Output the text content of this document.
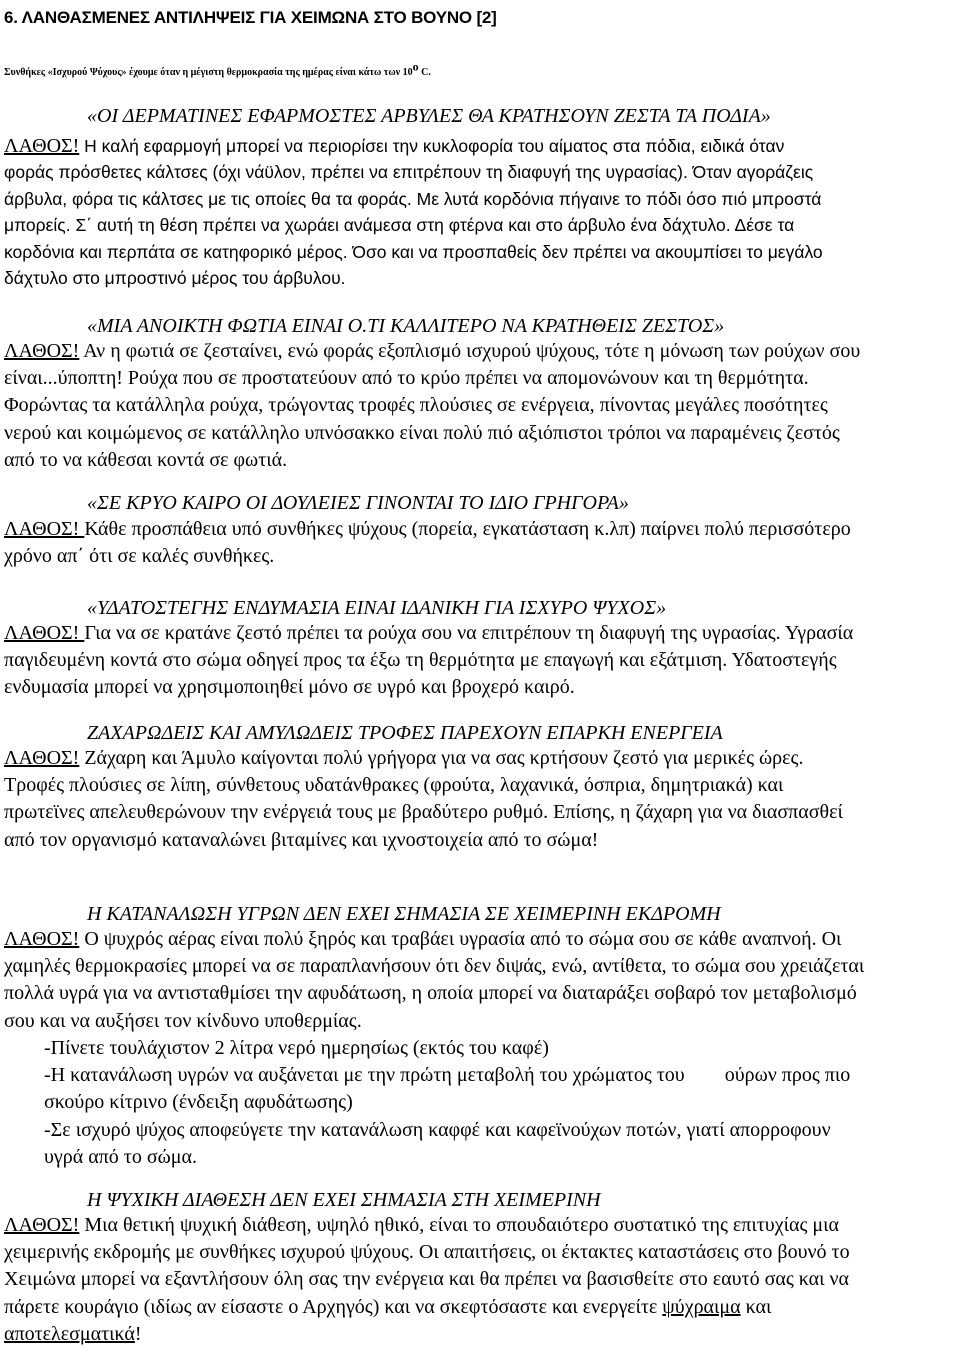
6. ΛΑΝΘΑΣΜΕΝΕΣ ΑΝΤΙΛΗΨΕΙΣ ΓΙΑ ΧΕΙΜΩΝΑ ΣΤΟ ΒΟΥΝΟ [2]
Συνθήκες «Ισχυρού Ψύχους» έχουμε όταν η μέγιστη θερμοκρασία της ημέρας είναι κάτω των $10^o$ C.
«ΟΙ ΔΕΡΜΑΤΙΝΕΣ ΕΦΑΡΜΟΣΤΕΣ ΑΡΒΥΛΕΣ ΘΑ ΚΡΑΤΗΣΟΥΝ ΖΕΣΤΑ ΤΑ ΠΟΔΙΑ»
ΛΑΘΟΣ! Η καλή εφαρμογή μπορεί να περιορίσει την κυκλοφορία του αίματος στα πόδια, ειδικά όταν
φοράς πρόσθετες κάλτσες (όχι νάϋλον, πρέπει να επιτρέπουν τη διαφυγή της υγρασίας). Όταν αγοράζεις
άρβυλα, φόρα τις κάλτσες με τις οποίες θα τα φοράς. Με λυτά κορδόνια πήγαινε το πόδι όσο πιό μπροστά
μπορείς. Σ΄ αυτή τη θέση πρέπει να χωράει ανάμεσα στη φτέρνα και στο άρβυλο ένα δάχτυλο. Δέσε τα
κορδόνια και περπάτα σε κατηφορικό μέρος. Όσο και να προσπαθείς δεν πρέπει να ακουμπίσει το μεγάλο
δάχτυλο στο μπροστινό μέρος του άρβυλου.
«ΜΙΑ ΑΝΟΙΚΤΗ ΦΩΤΙΑ ΕΙΝΑΙ Ο.ΤΙ ΚΑΛΛΙΤΕΡΟ ΝΑ ΚΡΑΤΗΘΕΙΣ ΖΕΣΤΟΣ»
ΛΑΘΟΣ! Αν η φωτιά σε ζεσταίνει, ενώ φοράς εξοπλισμό ισχυρού ψύχους, τότε η μόνωση των ρούχων σου
είναι...ύποπτη! Ρούχα που σε προστατεύουν από το κρύο πρέπει να απομονώνουν και τη θερμότητα.
Φορώντας τα κατάλληλα ρούχα, τρώγοντας τροφές πλούσιες σε ενέργεια, πίνοντας μεγάλες ποσότητες
νερού και κοιμώμενος σε κατάλληλο υπνόσακκο είναι πολύ πιό αξιόπιστοι τρόποι να παραμένεις ζεστός
από το να κάθεσαι κοντά σε φωτιά.
«ΣΕ ΚΡΥΟ ΚΑΙΡΟ ΟΙ ΔΟΥΛΕΙΕΣ ΓΙΝΟΝΤΑΙ ΤΟ ΙΔΙΟ ΓΡΗΓΟΡΑ»
ΛΑΘΟΣ! Κάθε προσπάθεια υπό συνθήκες ψύχους (πορεία, εγκατάσταση κ.λπ) παίρνει πολύ περισσότερο
χρόνο απ΄ ότι σε καλές συνθήκες.
«ΥΔΑΤΟΣΤΕΓΗΣ ΕΝΔΥΜΑΣΙΑ ΕΙΝΑΙ ΙΔΑΝΙΚΗ ΓΙΑ ΙΣΧΥΡΟ ΨΥΧΟΣ»
ΛΑΘΟΣ! Για να σε κρατάνε ζεστό πρέπει τα ρούχα σου να επιτρέπουν τη διαφυγή της υγρασίας. Υγρασία
παγιδευμένη κοντά στο σώμα οδηγεί προς τα έξω τη θερμότητα με επαγωγή και εξάτμιση. Υδατοστεγής
ενδυμασία μπορεί να χρησιμοποιηθεί μόνο σε υγρό και βροχερό καιρό.
ΖΑΧΑΡΩΔΕΙΣ ΚΑΙ ΑΜΥΛΩΔΕΙΣ ΤΡΟΦΕΣ ΠΑΡΕΧΟΥΝ ΕΠΑΡΚΗ ΕΝΕΡΓΕΙΑ
ΛΑΘΟΣ! Ζάχαρη και Άμυλο καίγονται πολύ γρήγορα για να σας κρτήσουν ζεστό για μερικές ώρες.
Τροφές πλούσιες σε λίπη, σύνθετους υδατάνθρακες (φρούτα, λαχανικά, όσπρια, δημητριακά) και
πρωτεϊνες απελευθερώνουν την ενέργειά τους με βραδύτερο ρυθμό. Επίσης, η ζάχαρη για να διασπασθεί
από τον οργανισμό καταναλώνει βιταμίνες και ιχνοστοιχεία από το σώμα!
Η ΚΑΤΑΝΑΛΩΣΗ ΥΓΡΩΝ ΔΕΝ ΕΧΕΙ ΣΗΜΑΣΙΑ ΣΕ ΧΕΙΜΕΡΙΝΗ ΕΚΔΡΟΜΗ
ΛΑΘΟΣ! Ο ψυχρός αέρας είναι πολύ ξηρός και τραβάει υγρασία από το σώμα σου σε κάθε αναπνοή. Οι
χαμηλές θερμοκρασίες μπορεί να σε παραπλανήσουν ότι δεν διψάς, ενώ, αντίθετα, το σώμα σου χρειάζεται
πολλά υγρά για να αντισταθμίσει την αφυδάτωση, η οποία μπορεί να διαταράξει σοβαρό τον μεταβολισμό
σου και να αυξήσει τον κίνδυνο υποθερμίας.
-Πίνετε τουλάχιστον 2 λίτρα νερό ημερησίως (εκτός του καφέ)
-Η κατανάλωση υγρών να αυξάνεται με την πρώτη μεταβολή του χρώματος του        ούρων προς πιο
σκούρο κίτρινο (ένδειξη αφυδάτωσης)
-Σε ισχυρό ψύχος αποφεύγετε την κατανάλωση καφφέ και καφεϊνούχων ποτών, γιατί απορροφουν
υγρά από το σώμα.
Η ΨΥΧΙΚΗ ΔΙΑΘΕΣΗ ΔΕΝ ΕΧΕΙ ΣΗΜΑΣΙΑ ΣΤΗ ΧΕΙΜΕΡΙΝΗ
ΛΑΘΟΣ! Μια θετική ψυχική διάθεση, υψηλό ηθικό, είναι το σπουδαιότερο συστατικό της επιτυχίας μια
χειμερινής εκδρομής με συνθήκες ισχυρού ψύχους. Οι απαιτήσεις, οι έκτακτες καταστάσεις στο βουνό το
Χειμώνα μπορεί να εξαντλήσουν όλη σας την ενέργεια και θα πρέπει να βασισθείτε στο εαυτό σας και να
πάρετε κουράγιο (ιδίως αν είσαστε ο Αρχηγός) και να σκεφτόσαστε και ενεργείτε ψύχραιμα και
αποτελεσματικά!
